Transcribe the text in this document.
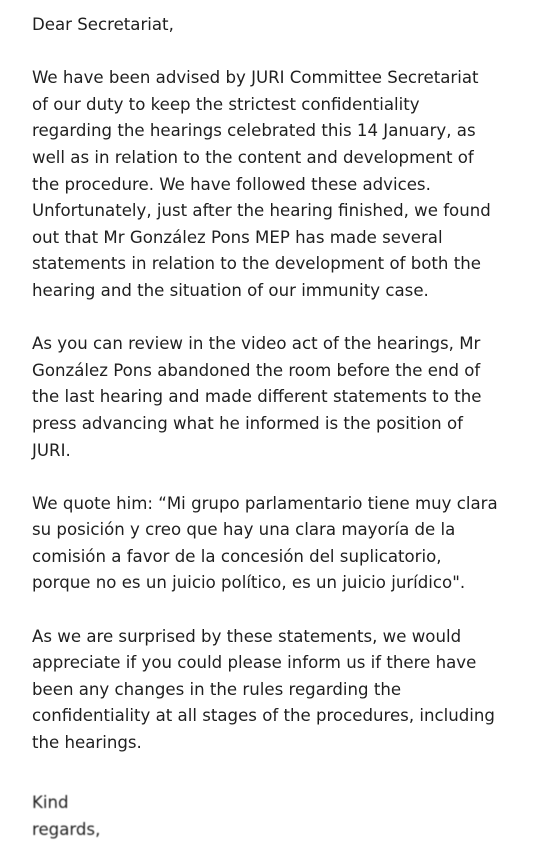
Dear Secretariat,
We have been advised by JURI Committee Secretariat
of our duty to keep the strictest confidentiality
regarding the hearings celebrated this 14 January, as
well as in relation to the content and development of
the procedure. We have followed these advices.
Unfortunately, just after the hearing finished, we found
out that Mr González Pons MEP has made several
statements in relation to the development of both the
hearing and the situation of our immunity case.
As you can review in the video act of the hearings, Mr
González Pons abandoned the room before the end of
the last hearing and made different statements to the
press advancing what he informed is the position of
JURI.
We quote him: “Mi grupo parlamentario tiene muy clara
su posición y creo que hay una clara mayoría de la
comisión a favor de la concesión del suplicatorio,
porque no es un juicio político, es un juicio jurídico".
As we are surprised by these statements, we would
appreciate if you could please inform us if there have
been any changes in the rules regarding the
confidentiality at all stages of the procedures, including
the hearings.
Kind regards,
